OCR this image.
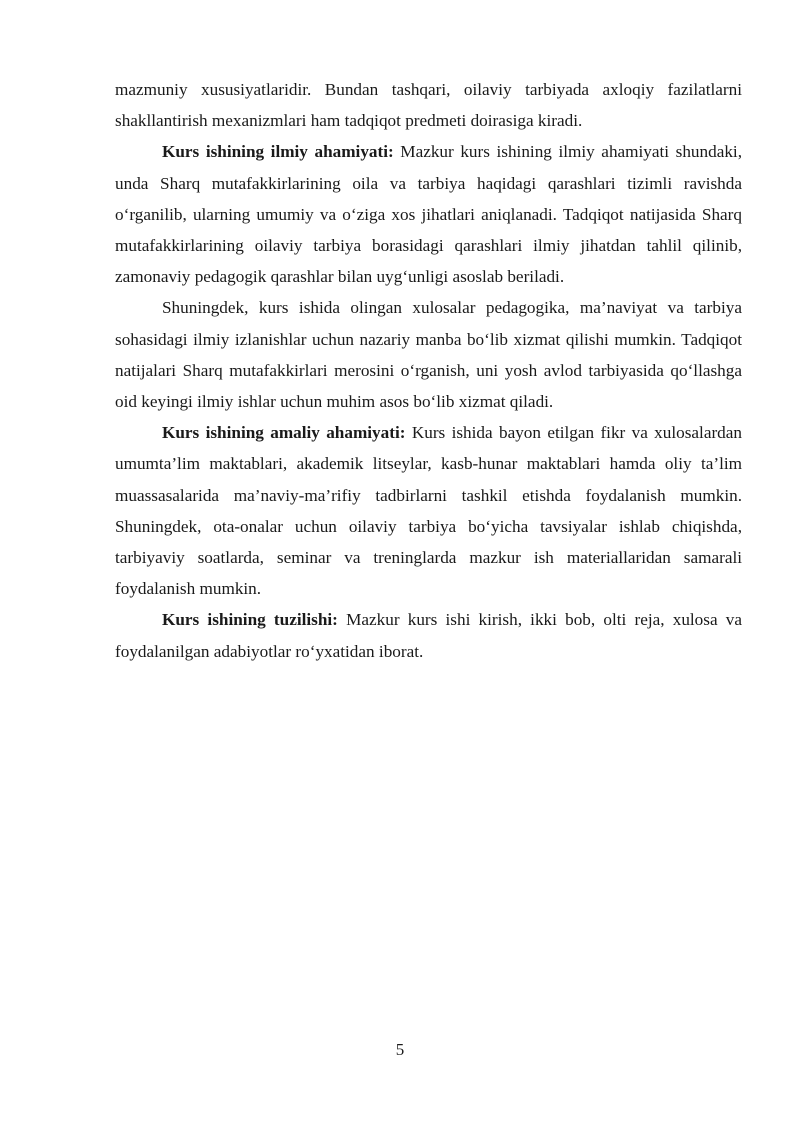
mazmuniy xususiyatlaridir. Bundan tashqari, oilaviy tarbiyada axloqiy fazilatlarni shakllantirish mexanizmlari ham tadqiqot predmeti doirasiga kiradi.

Kurs ishining ilmiy ahamiyati: Mazkur kurs ishining ilmiy ahamiyati shundaki, unda Sharq mutafakkirlarining oila va tarbiya haqidagi qarashlari tizimli ravishda o‘rganilib, ularning umumiy va o‘ziga xos jihatlari aniqlanadi. Tadqiqot natijasida Sharq mutafakkirlarining oilaviy tarbiya borasidagi qarashlari ilmiy jihatdan tahlil qilinib, zamonaviy pedagogik qarashlar bilan uyg‘unligi asoslab beriladi.

Shuningdek, kurs ishida olingan xulosalar pedagogika, ma’naviyat va tarbiya sohasidagi ilmiy izlanishlar uchun nazariy manba bo‘lib xizmat qilishi mumkin. Tadqiqot natijalari Sharq mutafakkirlari merosini o‘rganish, uni yosh avlod tarbiyasida qo‘llashga oid keyingi ilmiy ishlar uchun muhim asos bo‘lib xizmat qiladi.

Kurs ishining amaliy ahamiyati: Kurs ishida bayon etilgan fikr va xulosalardan umumta’lim maktablari, akademik litseylar, kasb-hunar maktablari hamda oliy ta’lim muassasalarida ma’naviy-ma’rifiy tadbirlarni tashkil etishda foydalanish mumkin. Shuningdek, ota-onalar uchun oilaviy tarbiya bo‘yicha tavsiyalar ishlab chiqishda, tarbiyaviy soatlarda, seminar va treninglarda mazkur ish materiallaridan samarali foydalanish mumkin.

Kurs ishining tuzilishi: Mazkur kurs ishi kirish, ikki bob, olti reja, xulosa va foydalanilgan adabiyotlar ro‘yxatidan iborat.

5
